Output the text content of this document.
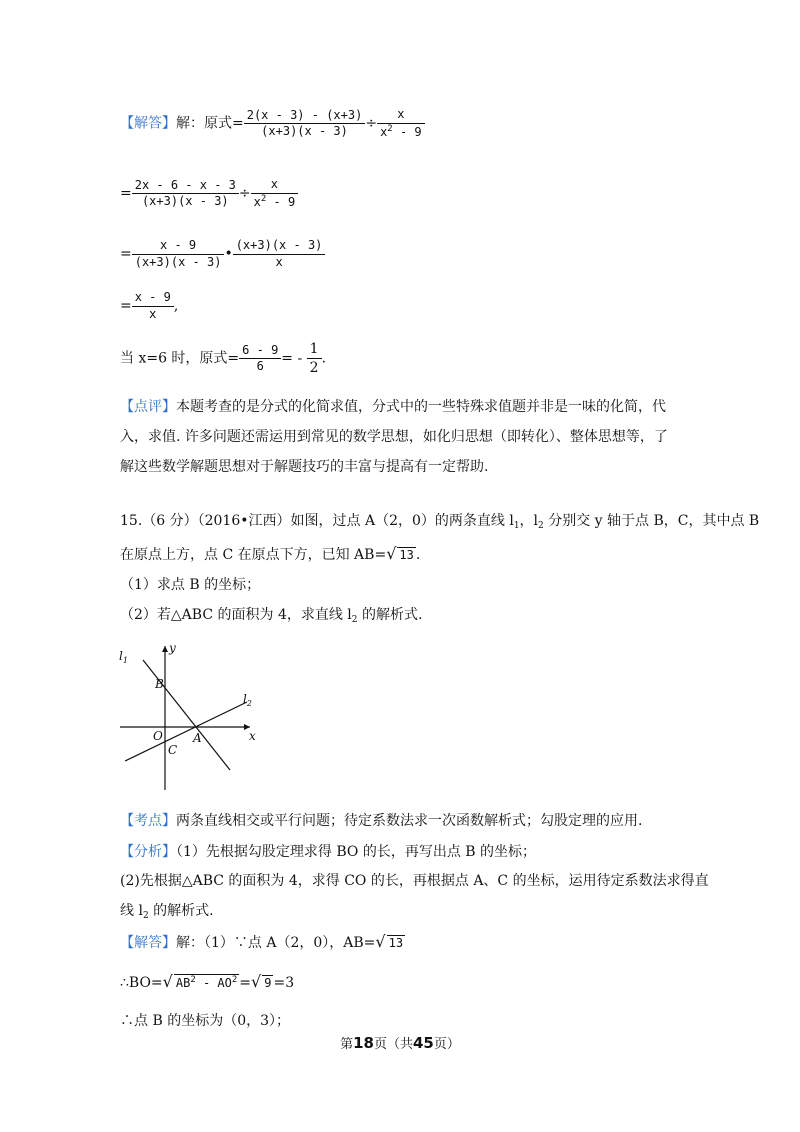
【解答】解：原式= $\frac{2(x - 3) - (x+3)}{(x+3)(x - 3)} \div \frac{x}{x^2 - 9}$
= $\frac{2x - 6 - x - 3}{(x+3)(x - 3)} \div \frac{x}{x^2 - 9}$
= $\frac{x - 9}{(x+3)(x - 3)}$ • $\frac{(x+3)(x - 3)}{x}$
= $\frac{x - 9}{x}$ ,
当 x=6 时，原式= $\frac{6 - 9}{6}$ = - $\frac{1}{2}$ .
【点评】本题考查的是分式的化简求值，分式中的一些特殊求值题并非是一味的化简，代入，求值. 许多问题还需运用到常见的数学思想，如化归思想（即转化）、整体思想等，了解这些数学解题思想对于解题技巧的丰富与提高有一定帮助.
15.（6 分）（2016•江西）如图，过点 A（2，0）的两条直线 $l_1$，$l_2$ 分别交 y 轴于点 B，C，其中点 B
在原点上方，点 C 在原点下方，已知 AB=√ 13 .
（1）求点 B 的坐标；
（2）若△ABC 的面积为 4，求直线 $l_2$ 的解析式.
$l_1$
y
B
$l_2$
O	A	x
C
【考点】两条直线相交或平行问题；待定系数法求一次函数解析式；勾股定理的应用.
【分析】（1）先根据勾股定理求得 BO 的长，再写出点 B 的坐标；
(2)先根据△ABC 的面积为 4，求得 CO 的长，再根据点 A、C 的坐标，运用待定系数法求得直
线 $l_2$ 的解析式.
【解答】解：（1）∵点 A（2，0），AB=√ 13
∴BO=√ $AB^2 - AO^2$ =√ 9 =3
∴点 B 的坐标为（0，3）；
第18页（共45页）
